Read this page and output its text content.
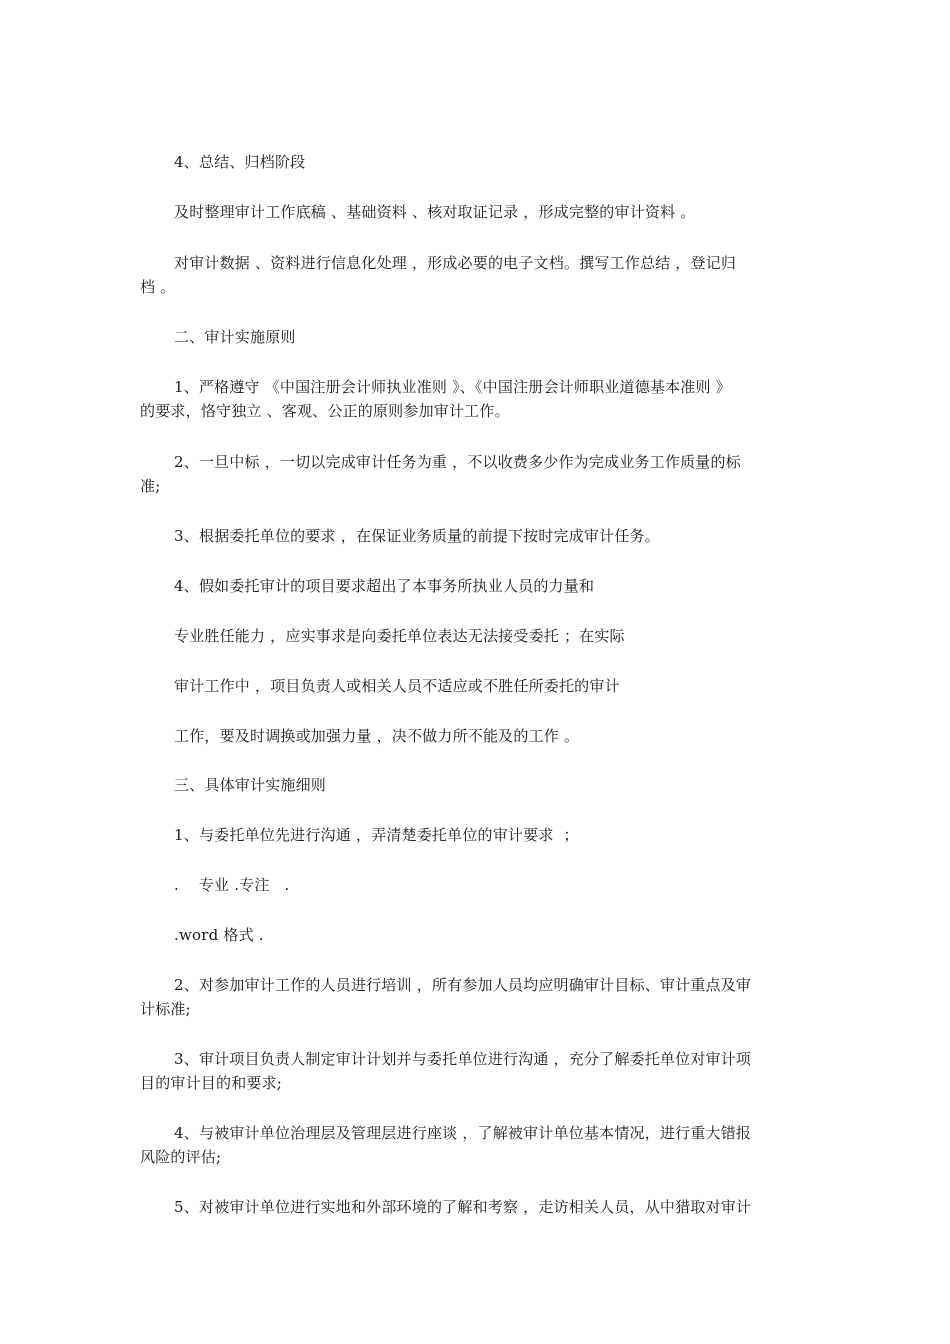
4、总结、归档阶段
及时整理审计工作底稿 、基础资料 、核对取证记录 ，形成完整的审计资料 。
对审计数据 、资料进行信息化处理 ，形成必要的电子文档。撰写工作总结 ，登记归
档 。
二、审计实施原则
1、严格遵守 《中国注册会计师执业准则 》、《中国注册会计师职业道德基本准则 》
的要求，恪守独立 、客观、公正的原则参加审计工作。
2、一旦中标 ，一切以完成审计任务为重 ，不以收费多少作为完成业务工作质量的标
准;
3、根据委托单位的要求 ，在保证业务质量的前提下按时完成审计任务。
4、假如委托审计的项目要求超出了本事务所执业人员的力量和
专业胜任能力 ，应实事求是向委托单位表达无法接受委托 ；在实际
审计工作中 ，项目负责人或相关人员不适应或不胜任所委托的审计
工作，要及时调换或加强力量 ，决不做力所不能及的工作 。
三、具体审计实施细则
1、与委托单位先进行沟通 ，弄清楚委托单位的审计要求  ；
.    专业 .专注   .
.word 格式 .
2、对参加审计工作的人员进行培训 ，所有参加人员均应明确审计目标、审计重点及审
计标准;
3、审计项目负责人制定审计计划并与委托单位进行沟通 ，充分了解委托单位对审计项
目的审计目的和要求;
4、与被审计单位治理层及管理层进行座谈 ，了解被审计单位基本情况，进行重大错报
风险的评估;
5、对被审计单位进行实地和外部环境的了解和考察 ，走访相关人员，从中猎取对审计
